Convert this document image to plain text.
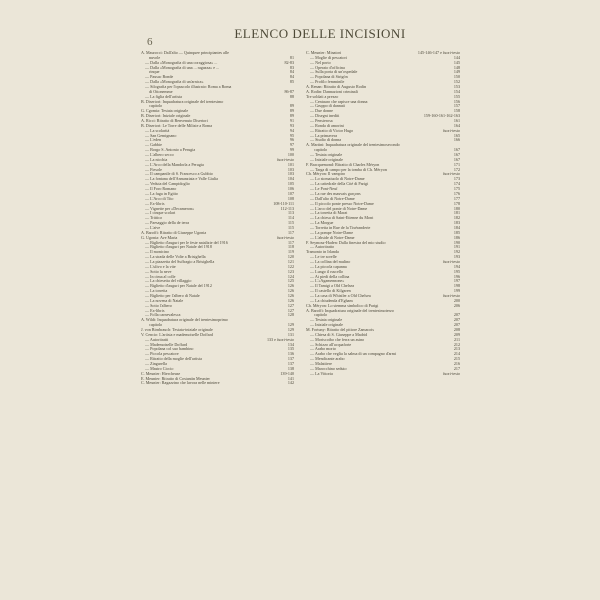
6
ELENCO DELLE INCISIONI
A. Maurocci: Dall'alto — Quinquee principiantes alle
nuvole	81
— Dalla «Monografia di una coraggiosa» ...	82-83
— Dalla «Monografia di una ... ragazza» e ...	83
rinque	84
— Pausac Bonde	84
— Dalla «Monografia di un'arnica»	85
— Silografia per l'opuscolo illustrato: Roma a Roma
di Ottonemme	86-87
— La figlia dell'artista	88
B. Disertori: Inquadratura originale del trentesimo
capitolo	89
G. Cgomia: Testata originale	89
B. Disertori: Iniziale originale	89
A. Ricci: Ritratto di Benvenuto Disertori	91
B. Disertori: Le Torre delle Milizie a Roma	93
— La scolarità	94
— San Gemignano	95
— L'eden	96
— Gabbie	97
— Borgo S. Antonio a Perugia	99
— L'albero secco	100
— La nicchia	fuori-testo
— L'Arco della Mandorla a Perugia	101
— Fiesole	103
— Il campanile di S. Francesco a Gubbio	103
— La fontana dell'Annunziata e Valle Giulia	104
— Veduta del Campidoglio	105
— Il Foro Romano	106
— La fuga in Egitto	107
— L'Arco di Tito	108
— Ex-libris	108-110-111
— Vignette per «Decameron»	112-113
— I cinque scolari	113
— Trittico	114
— Paesaggio della de terra	115
— L'aive	115
A. Baroffi: Ritratto di Giuseppe Ugonia	117
G. Ugonia: Ave Maria	fuori-testo
— Biglietto d'auguri per le feste natalizie del 1916	117
— Biglietto d'auguri per Natale del 1918	118
— Il monicino	119
— La strada delle Volte a Brisighella	120
— La piazzetta del Suffragio a Brisighella	121
— L'ulivo e la vite	122
— Sotto la neve	123
— In cima al colle	124
— La chiesetta del villaggio	125
— Biglietto d'auguri per Natale del 1912	126
— La torretta	126
— Biglietto per l'albero di Natale	126
— La novena di Natale	126
— Sotto l'albero	127
— Ex-libris	127
— Folla carnevalesca	128
A. Wildt: Inquadratura originale del trentesimoprimo
capitolo	129
J. von Birnbrauch: Testata-iniziale originale	129
V. Cencio: L'artista e mademoiselle Doffard	131
— Autoritratti	133 e fuori-testo
— Mademoiselle Doffard	134
— Popolana col suo bambino	135
— Piccola pescatore	136
— Ritratto della moglie dell'artista	137
— Zingarella	137
— Mastro Ciccio	138
C. Meunier: Hiercheuse	139-140
E. Meunier: Ritratto di Costantin Meunier	141
C. Meunier: Ragazzino che lavora nelle miniere	142
C. Meunier: Minatori	145-146-147 e fuori-testo
— Moglie di pescatori	144
— Nel porto	145
— Operaio d'officina	148
— Sulla porta di un'ospedale	149
— Popolana di Strigòn	150
— Profilo femminile	152
A. Renan: Ritratto di Augusto Rodin	153
A. Rodin: Dannazioni criminali	154
Tre soldati a prezzo	155
— Centauro che rapisce una donna	156
— Gruppo di dannati	157
— Due donne	158
— Disegni inediti	159-160-161-162-163
— Pensierosa	161
— Ronda di amorini	164
— Ritratto di Victor Hugo	fuori-testo
— La primavera	165
— Studio di donna	166
A. Martini: Inquadratura originale del trentesimosecondo
capitolo	167
— Testata originale	167
— Iniziale originale	167
F. Bracquemond: Ritratto di Charles Méryon	171
— Targa di campo per la tomba di Ch. Méryon	172
Ch. Méryon: Il vampiro	fuori-testo
— Lo stomaiuolo di Notre-Dame	173
— La cattedrale della Cité di Parigi	174
— Le Pont-Neuf	175
— La rue des mauvais garçons	176
— Dall'alto di Notre-Dame	177
— Il piccolo ponte presso Notre-Dame	178
— L'arco del ponte di Notre-Dame	180
— La torretta di Marat	181
— La chiesa di Saint-Étienne du Mont	182
— La Morgue	183
— Torretta in Rue de la Tixéranderie	184
— La pompe Notre-Dame	185
— L'abside di Notre-Dame	186
F. Seymour-Haden: Dalla finestra del mio studio	190
— Autoritratto	191
Tramonto in Irlanda	192
— Le tre sorelle	193
— La collina del mulino	fuori-testo
— La piccola capanna	194
— Lungo il ruscello	195
— Ai piedi della collina	196
— L'«Agamennone»	197
— Il Tamigi a Old Chelsea	198
— Il castello di Kilgaren	199
— La casa di Whistler a Old Chelsea	fuori-testo
— La chiudenda d'Egham	200
Ch. Méryon: Lo stemma simbolico di Parigi	206
A. Baroffi: Inquadratura originale del trentesimoterzo
capitolo	207
— Testata originale	207
— Iniziale originale	207
M. Fortuny: Ritratto del pittore Zamacois	208
— Chiesa di S. Giuseppe a Madrid	209
— Moriscoibo che ferra un asino	211
— Schizzo all'acquaforte	212
— Arabo morto	213
— Arabo che veglia la salma di un compagno d'armi	214
— Mendicante arabo	215
— Malattiere	216
— Marocchino seduto	217
— La Vittoria	fuori-testo
